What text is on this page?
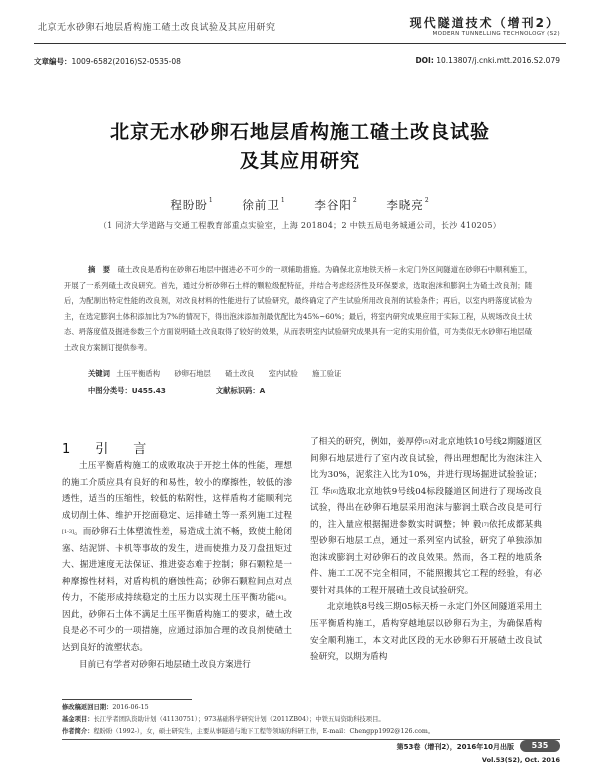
北京无水砂卵石地层盾构施工碴土改良试验及其应用研究	现代隧道技术（增刊2）
MODERN TUNNELLING TECHNOLOGY (S2)
文章编号：1009-6582(2016)S2-0535-08	DOI: 10.13807/j.cnki.mtt.2016.S2.079
北京无水砂卵石地层盾构施工碴土改良试验
及其应用研究
程盼盼$^1$ 徐前卫$^1$ 李谷阳$^2$ 李晓亮$^2$
（1 同济大学道路与交通工程教育部重点实验室，上海 201804；2 中铁五局电务城通公司，长沙 410205）
摘　要　 碴土改良是盾构在砂卵石地层中掘进必不可少的一项辅助措施。为确保北京地铁天桥－永定门外区间隧道在砂卵石中顺利施工，开展了一系列碴土改良研究。首先，通过分析砂卵石土样的颗粒级配特征，并结合考虑经济性及环保要求，选取泡沫和膨润土为碴土改良剂；随后，为配制出特定性能的改良剂，对改良材料的性能进行了试验研究，最终确定了产生试验所用改良剂的试验条件；再后，以室内坍落度试验为主，在选定膨润土体积添加比为7%的情况下，得出泡沫添加剂最优配比为45%~60%；最后，将室内研究成果应用于实际工程，从规场改良土状态、坍落度值及掘进参数三个方面说明碴土改良取得了较好的效果，从而表明室内试验研究成果具有一定的实用价值，可为类似无水砂卵石地层碴土改良方案制订提供参考。
关键词 土压平衡盾构 砂卵石地层 碴土改良 室内试验 施工验证
中图分类号：U455.43	文献标识码：A
1　引　言

土压平衡盾构施工的成败取决于开挖土体的性能，理想的施工介质应具有良好的和易性，较小的摩擦性，较低的渗透性，适当的压缩性，较低的粘附性，这样盾构才能顺利完成切削土体、维护开挖面稳定、运排碴土等一系列施工过程[1-3]。而砂卵石土体塑流性差，易造成土流不畅，致使土舱闭塞、结泥饼、卡机等事故的发生，进而使推力及刀盘扭矩过大、掘进速度无法保证、推进姿态难于控制；卵石颗粒是一种摩擦性材料，对盾构机的磨蚀性高；砂卵石颗粒间点对点传力，不能形成持续稳定的土压力以实现土压平衡功能[4]。因此，砂卵石土体不满足土压平衡盾构施工的要求，碴土改良是必不可少的一项措施，应通过添加合理的改良剂使碴土达到良好的流塑状态。

目前已有学者对砂卵石地层碴土改良方案进行

了相关的研究，例如，姜厚停[5]对北京地铁10号线2期隧道区间卵石地层进行了室内改良试验，得出理想配比为泡沫注入比为30%，泥浆注入比为10%，并进行现场掘进试验验证；江 华[6]选取北京地铁9号线04标段隧道区间进行了现场改良试验，得出在砂卵石地层采用泡沫与膨润土联合改良是可行的，注入量应根据掘进参数实时调整；钟 毅[7]依托成都某典型砂卵石地层工点，通过一系列室内试验，研究了单独添加泡沫或膨润土对砂卵石的改良效果。然而，各工程的地质条件、施工工况不完全相同，不能照搬其它工程的经验，有必要针对具体的工程开展碴土改良试验研究。

北京地铁8号线三期05标天桥－永定门外区间隧道采用土压平衡盾构施工，盾构穿越地层以砂卵石为主，为确保盾构安全顺利施工，本文对此区段的无水砂卵石开展碴土改良试验研究，以期为盾构

修改稿返回日期：2016-06-15
基金项目：长江学者团队资助计划（41130751）；973基础科学研究计划（2011ZB04）；中铁五局资助科技项目。
作者简介：程盼盼（1992-），女，硕士研究生，主要从事隧道与地下工程等领域的科研工作，E-mail：Chengpp1992@126.com。
第53卷（增刊2），2016年10月出版	535
Vol.53(S2), Oct. 2016
